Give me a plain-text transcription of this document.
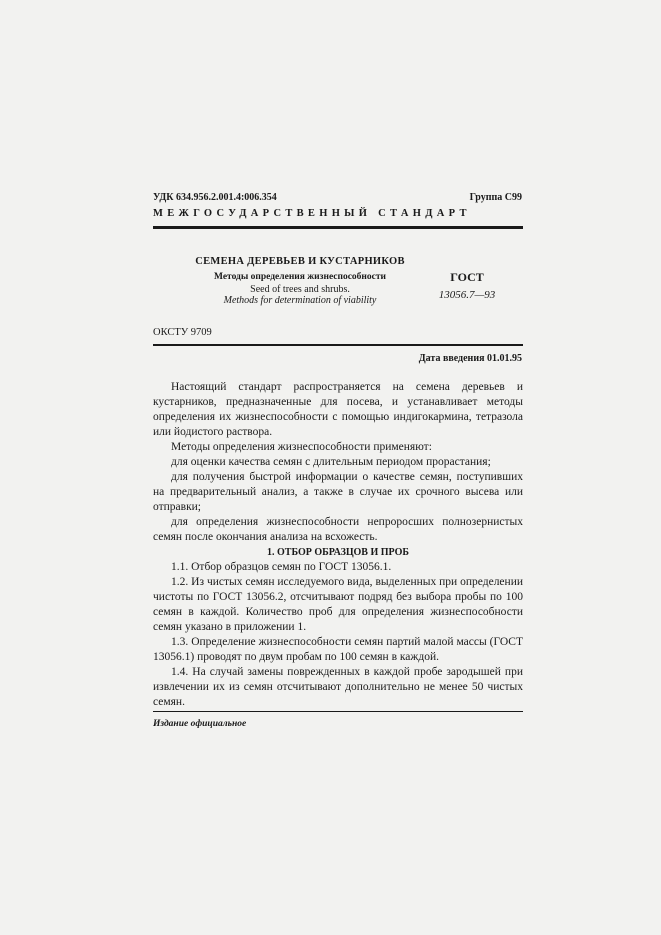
УДК 634.956.2.001.4:006.354	Группа С99
МЕЖГОСУДАРСТВЕННЫЙ СТАНДАРТ
СЕМЕНА ДЕРЕВЬЕВ И КУСТАРНИКОВ
Методы определения жизнеспособности
Seed of trees and shrubs.
Methods for determination of viability
ГОСТ
13056.7—93
ОКСТУ 9709
Дата введения 01.01.95

Настоящий стандарт распространяется на семена деревьев и кустарников, предназначенные для посева, и устанавливает методы определения их жизнеспособности с помощью индигокармина, тетразола или йодистого раствора.

Методы определения жизнеспособности применяют:

для оценки качества семян с длительным периодом прорастания;

для получения быстрой информации о качестве семян, поступивших на предварительный анализ, а также в случае их срочного высева или отправки;

для определения жизнеспособности непроросших полнозернистых семян после окончания анализа на всхожесть.

1. ОТБОР ОБРАЗЦОВ И ПРОБ

1.1. Отбор образцов семян по ГОСТ 13056.1.

1.2. Из чистых семян исследуемого вида, выделенных при определении чистоты по ГОСТ 13056.2, отсчитывают подряд без выбора пробы по 100 семян в каждой. Количество проб для определения жизнеспособности семян указано в приложении 1.

1.3. Определение жизнеспособности семян партий малой массы (ГОСТ 13056.1) проводят по двум пробам по 100 семян в каждой.

1.4. На случай замены поврежденных в каждой пробе зародышей при извлечении их из семян отсчитывают дополнительно не менее 50 чистых семян.

Издание официальное
